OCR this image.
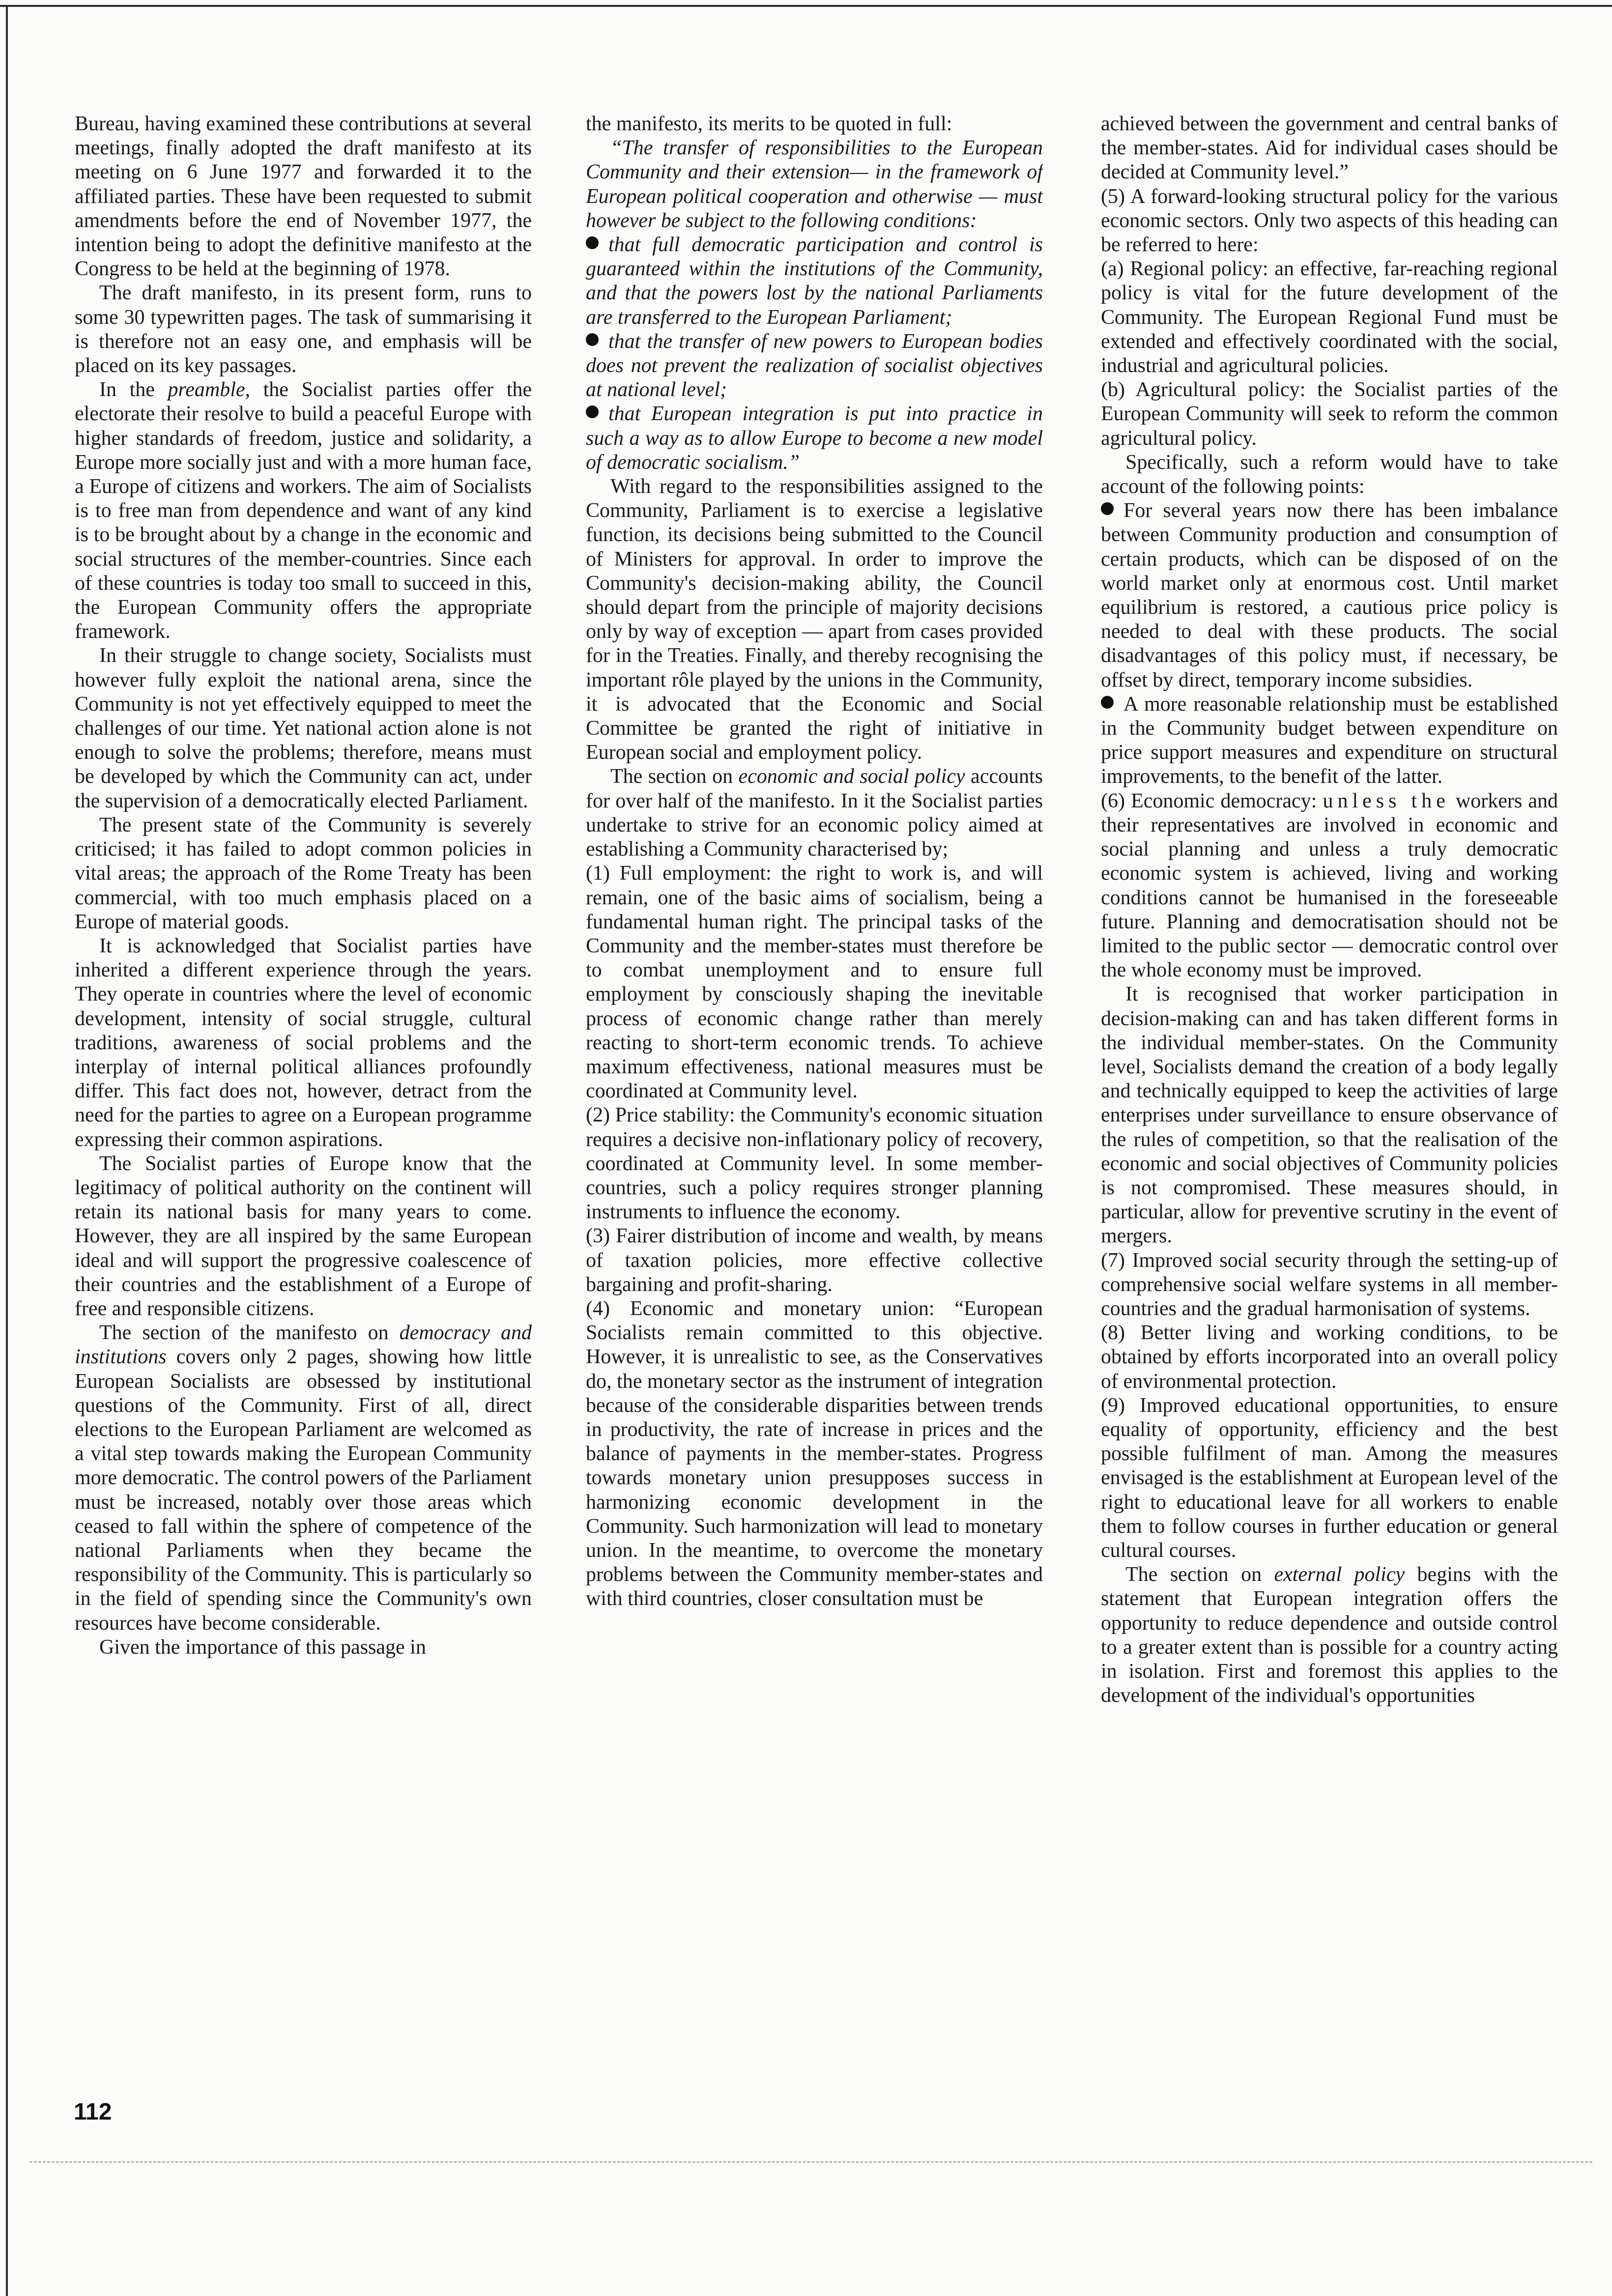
Bureau, having examined these contributions at several meetings, finally adopted the draft manifesto at its meeting on 6 June 1977 and forwarded it to the affiliated parties. These have been requested to submit amendments before the end of November 1977, the intention being to adopt the definitive manifesto at the Congress to be held at the beginning of 1978.

The draft manifesto, in its present form, runs to some 30 typewritten pages. The task of summarising it is therefore not an easy one, and emphasis will be placed on its key passages.

In the preamble, the Socialist parties offer the electorate their resolve to build a peaceful Europe with higher standards of freedom, justice and solidarity, a Europe more socially just and with a more human face, a Europe of citizens and workers. The aim of Socialists is to free man from dependence and want of any kind is to be brought about by a change in the economic and social structures of the member-countries. Since each of these countries is today too small to succeed in this, the European Community offers the appropriate framework.

In their struggle to change society, Socialists must however fully exploit the national arena, since the Community is not yet effectively equipped to meet the challenges of our time. Yet national action alone is not enough to solve the problems; therefore, means must be developed by which the Community can act, under the supervision of a democratically elected Parliament.

The present state of the Community is severely criticised; it has failed to adopt common policies in vital areas; the approach of the Rome Treaty has been commercial, with too much emphasis placed on a Europe of material goods.

It is acknowledged that Socialist parties have inherited a different experience through the years. They operate in countries where the level of economic development, intensity of social struggle, cultural traditions, awareness of social problems and the interplay of internal political alliances profoundly differ. This fact does not, however, detract from the need for the parties to agree on a European programme expressing their common aspirations.

The Socialist parties of Europe know that the legitimacy of political authority on the continent will retain its national basis for many years to come. However, they are all inspired by the same European ideal and will support the progressive coalescence of their countries and the establishment of a Europe of free and responsible citizens.

The section of the manifesto on democracy and institutions covers only 2 pages, showing how little European Socialists are obsessed by institutional questions of the Community. First of all, direct elections to the European Parliament are welcomed as a vital step towards making the European Community more democratic. The control powers of the Parliament must be increased, notably over those areas which ceased to fall within the sphere of competence of the national Parliaments when they became the responsibility of the Community. This is particularly so in the field of spending since the Community's own resources have become considerable.

Given the importance of this passage in

the manifesto, its merits to be quoted in full:

“The transfer of responsibilities to the European Community and their extension— in the framework of European political cooperation and otherwise — must however be subject to the following conditions:

that full democratic participation and control is guaranteed within the institutions of the Community, and that the powers lost by the national Parliaments are transferred to the European Parliament;

that the transfer of new powers to European bodies does not prevent the realization of socialist objectives at national level;

that European integration is put into practice in such a way as to allow Europe to become a new model of democratic socialism.”

With regard to the responsibilities assigned to the Community, Parliament is to exercise a legislative function, its decisions being submitted to the Council of Ministers for approval. In order to improve the Community's decision-making ability, the Council should depart from the principle of majority decisions only by way of exception — apart from cases provided for in the Treaties. Finally, and thereby recognising the important rôle played by the unions in the Community, it is advocated that the Economic and Social Committee be granted the right of initiative in European social and employment policy.

The section on economic and social policy accounts for over half of the manifesto. In it the Socialist parties undertake to strive for an economic policy aimed at establishing a Community characterised by;

(1) Full employment: the right to work is, and will remain, one of the basic aims of socialism, being a fundamental human right. The principal tasks of the Community and the member-states must therefore be to combat unemployment and to ensure full employment by consciously shaping the inevitable process of economic change rather than merely reacting to short-term economic trends. To achieve maximum effectiveness, national measures must be coordinated at Community level.

(2) Price stability: the Community's economic situation requires a decisive non-inflationary policy of recovery, coordinated at Community level. In some member-countries, such a policy requires stronger planning instruments to influence the economy.

(3) Fairer distribution of income and wealth, by means of taxation policies, more effective collective bargaining and profit-sharing.

(4) Economic and monetary union: “European Socialists remain committed to this objective. However, it is unrealistic to see, as the Conservatives do, the monetary sector as the instrument of integration because of the considerable disparities between trends in productivity, the rate of increase in prices and the balance of payments in the member-states. Progress towards monetary union presupposes success in harmonizing economic development in the Community. Such harmonization will lead to monetary union. In the meantime, to overcome the monetary problems between the Community member-states and with third countries, closer consultation must be

achieved between the government and central banks of the member-states. Aid for individual cases should be decided at Community level.”

(5) A forward-looking structural policy for the various economic sectors. Only two aspects of this heading can be referred to here:

(a) Regional policy: an effective, far-reaching regional policy is vital for the future development of the Community. The European Regional Fund must be extended and effectively coordinated with the social, industrial and agricultural policies.

(b) Agricultural policy: the Socialist parties of the European Community will seek to reform the common agricultural policy.

Specifically, such a reform would have to take account of the following points:

For several years now there has been imbalance between Community production and consumption of certain products, which can be disposed of on the world market only at enormous cost. Until market equilibrium is restored, a cautious price policy is needed to deal with these products. The social disadvantages of this policy must, if necessary, be offset by direct, temporary income subsidies.

A more reasonable relationship must be established in the Community budget between expenditure on price support measures and expenditure on structural improvements, to the benefit of the latter.

(6) Economic democracy: unless the workers and their representatives are involved in economic and social planning and unless a truly democratic economic system is achieved, living and working conditions cannot be humanised in the foreseeable future. Planning and democratisation should not be limited to the public sector — democratic control over the whole economy must be improved.

It is recognised that worker participation in decision-making can and has taken different forms in the individual member-states. On the Community level, Socialists demand the creation of a body legally and technically equipped to keep the activities of large enterprises under surveillance to ensure observance of the rules of competition, so that the realisation of the economic and social objectives of Community policies is not compromised. These measures should, in particular, allow for preventive scrutiny in the event of mergers.

(7) Improved social security through the setting-up of comprehensive social welfare systems in all member-countries and the gradual harmonisation of systems.

(8) Better living and working conditions, to be obtained by efforts incorporated into an overall policy of environmental protection.

(9) Improved educational opportunities, to ensure equality of opportunity, efficiency and the best possible fulfilment of man. Among the measures envisaged is the establishment at European level of the right to educational leave for all workers to enable them to follow courses in further education or general cultural courses.

The section on external policy begins with the statement that European integration offers the opportunity to reduce dependence and outside control to a greater extent than is possible for a country acting in isolation. First and foremost this applies to the development of the individual's opportunities

112
